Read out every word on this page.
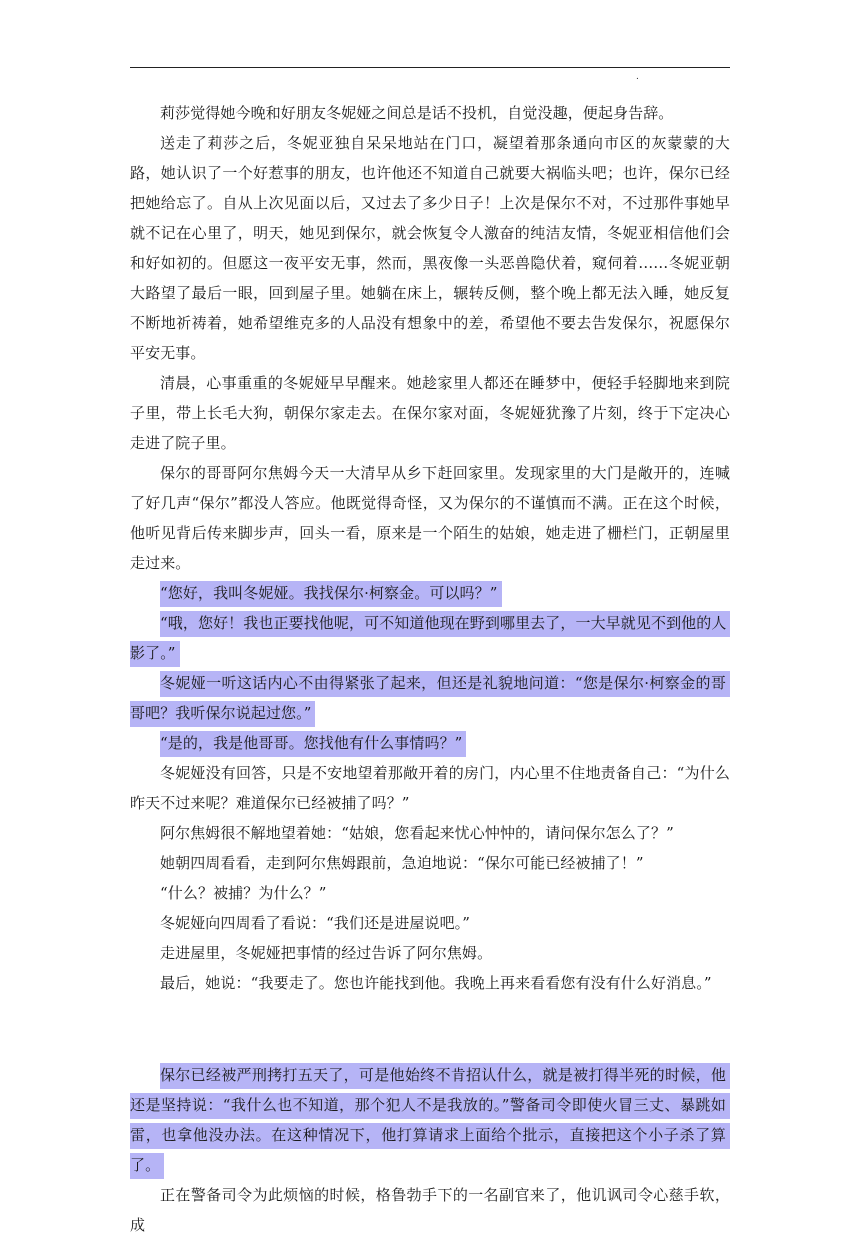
.

莉莎觉得她今晚和好朋友冬妮娅之间总是话不投机，自觉没趣，便起身告辞。

送走了莉莎之后，冬妮亚独自呆呆地站在门口，凝望着那条通向市区的灰蒙蒙的大路，她认识了一个好惹事的朋友，也许他还不知道自己就要大祸临头吧；也许，保尔已经把她给忘了。自从上次见面以后，又过去了多少日子！上次是保尔不对，不过那件事她早就不记在心里了，明天，她见到保尔，就会恢复令人激奋的纯洁友情，冬妮亚相信他们会和好如初的。但愿这一夜平安无事，然而，黑夜像一头恶兽隐伏着，窥伺着……冬妮亚朝大路望了最后一眼，回到屋子里。她躺在床上，辗转反侧，整个晚上都无法入睡，她反复不断地祈祷着，她希望维克多的人品没有想象中的差，希望他不要去告发保尔，祝愿保尔平安无事。

清晨，心事重重的冬妮娅早早醒来。她趁家里人都还在睡梦中，便轻手轻脚地来到院子里，带上长毛大狗，朝保尔家走去。在保尔家对面，冬妮娅犹豫了片刻，终于下定决心走进了院子里。

保尔的哥哥阿尔焦姆今天一大清早从乡下赶回家里。发现家里的大门是敞开的，连喊了好几声“保尔”都没人答应。他既觉得奇怪，又为保尔的不谨慎而不满。正在这个时候，他听见背后传来脚步声，回头一看，原来是一个陌生的姑娘，她走进了栅栏门，正朝屋里走过来。

“您好，我叫冬妮娅。我找保尔·柯察金。可以吗？”

“哦，您好！我也正要找他呢，可不知道他现在野到哪里去了，一大早就见不到他的人影了。”

冬妮娅一听这话内心不由得紧张了起来，但还是礼貌地问道：“您是保尔·柯察金的哥哥吧？我听保尔说起过您。”

“是的，我是他哥哥。您找他有什么事情吗？”

冬妮娅没有回答，只是不安地望着那敞开着的房门，内心里不住地责备自己：“为什么昨天不过来呢？难道保尔已经被捕了吗？”

阿尔焦姆很不解地望着她：“姑娘，您看起来忧心忡忡的，请问保尔怎么了？”

她朝四周看看，走到阿尔焦姆跟前，急迫地说：“保尔可能已经被捕了！”

“什么？被捕？为什么？”

冬妮娅向四周看了看说：“我们还是进屋说吧。”

走进屋里，冬妮娅把事情的经过告诉了阿尔焦姆。

最后，她说：“我要走了。您也许能找到他。我晚上再来看看您有没有什么好消息。”

保尔已经被严刑拷打五天了，可是他始终不肯招认什么，就是被打得半死的时候，他还是坚持说：“我什么也不知道，那个犯人不是我放的。”警备司令即使火冒三丈、暴跳如雷，也拿他没办法。在这种情况下，他打算请求上面给个批示，直接把这个小子杀了算了。

正在警备司令为此烦恼的时候，格鲁勃手下的一名副官来了，他讥讽司令心慈手软，成
